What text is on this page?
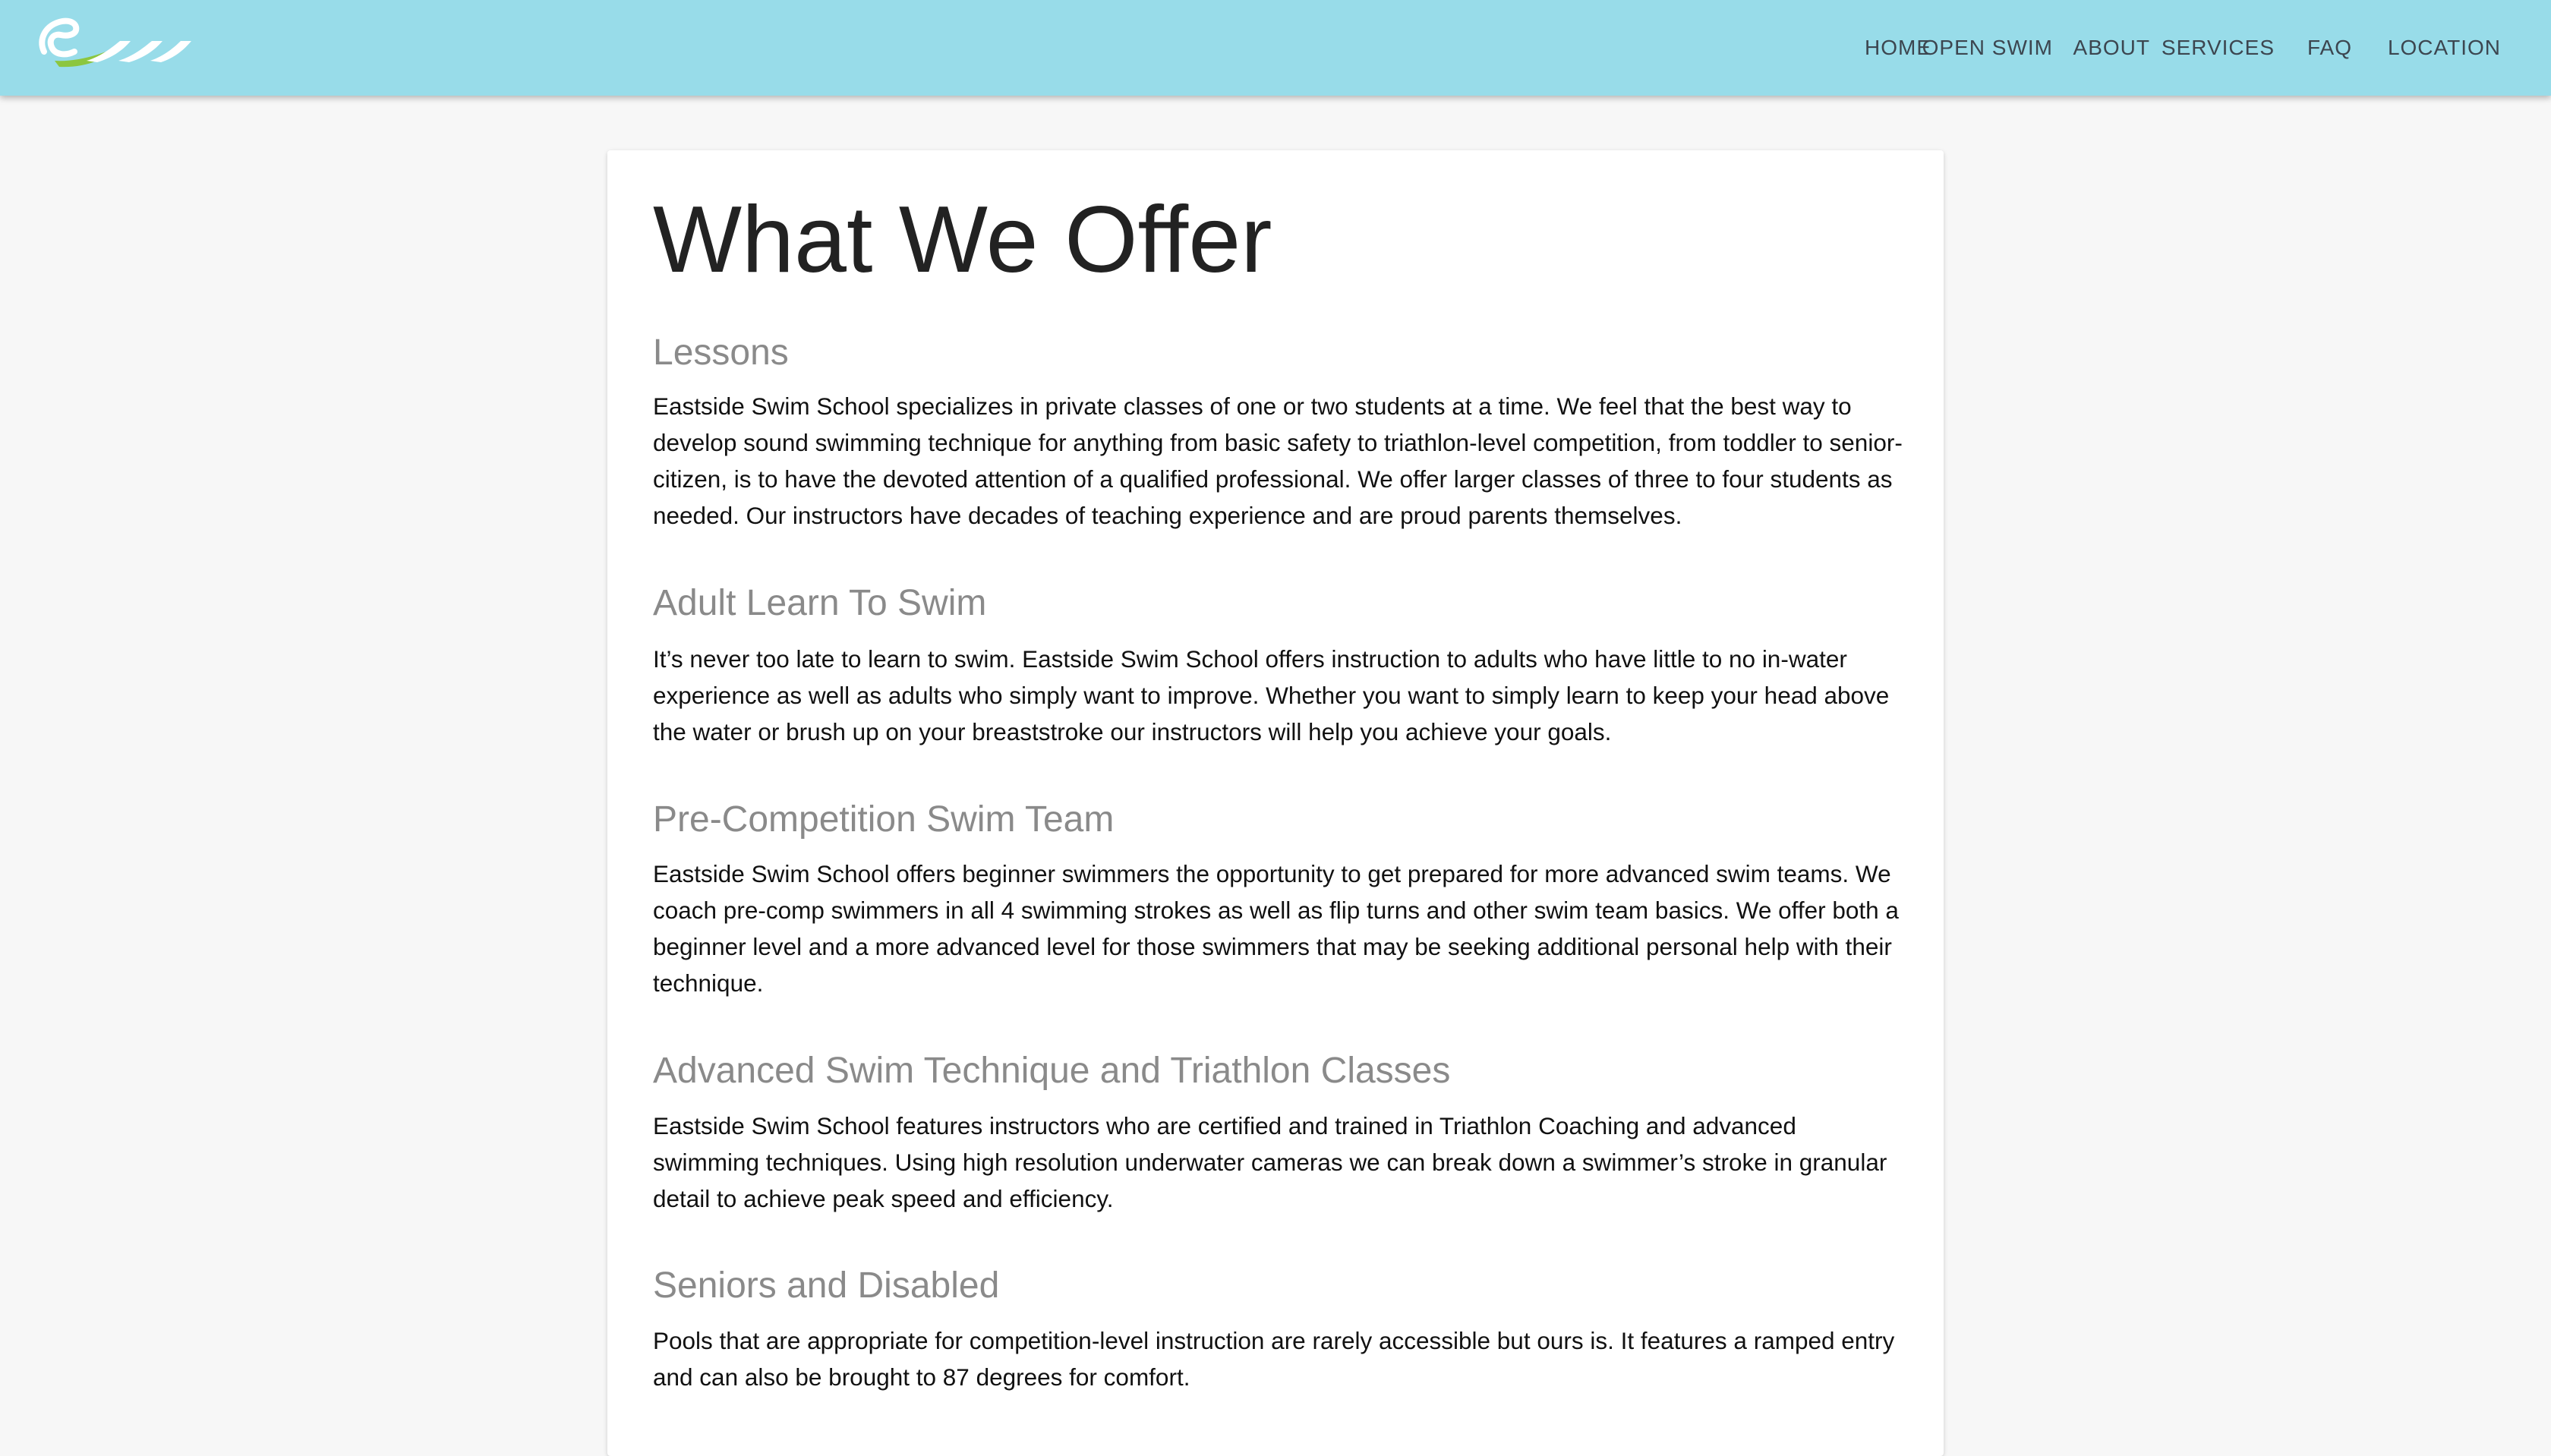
HOME
OPEN SWIM ABOUT SERVICES FAQ LOCATION
What We Offer
Lessons

Eastside Swim School specializes in private classes of one or two students at a time. We feel that the best way to develop sound swimming technique for anything from basic safety to triathlon-level competition, from toddler to senior-citizen, is to have the devoted attention of a qualified professional. We offer larger classes of three to four students as needed. Our instructors have decades of teaching experience and are proud parents themselves.

Adult Learn To Swim

It’s never too late to learn to swim. Eastside Swim School offers instruction to adults who have little to no in-water experience as well as adults who simply want to improve. Whether you want to simply learn to keep your head above the water or brush up on your breaststroke our instructors will help you achieve your goals.

Pre-Competition Swim Team

Eastside Swim School offers beginner swimmers the opportunity to get prepared for more advanced swim teams. We coach pre-comp swimmers in all 4 swimming strokes as well as flip turns and other swim team basics. We offer both a beginner level and a more advanced level for those swimmers that may be seeking additional personal help with their technique.

Advanced Swim Technique and Triathlon Classes

Eastside Swim School features instructors who are certified and trained in Triathlon Coaching and advanced swimming techniques. Using high resolution underwater cameras we can break down a swimmer’s stroke in granular detail to achieve peak speed and efficiency.

Seniors and Disabled

Pools that are appropriate for competition-level instruction are rarely accessible but ours is. It features a ramped entry and can also be brought to 87 degrees for comfort.
